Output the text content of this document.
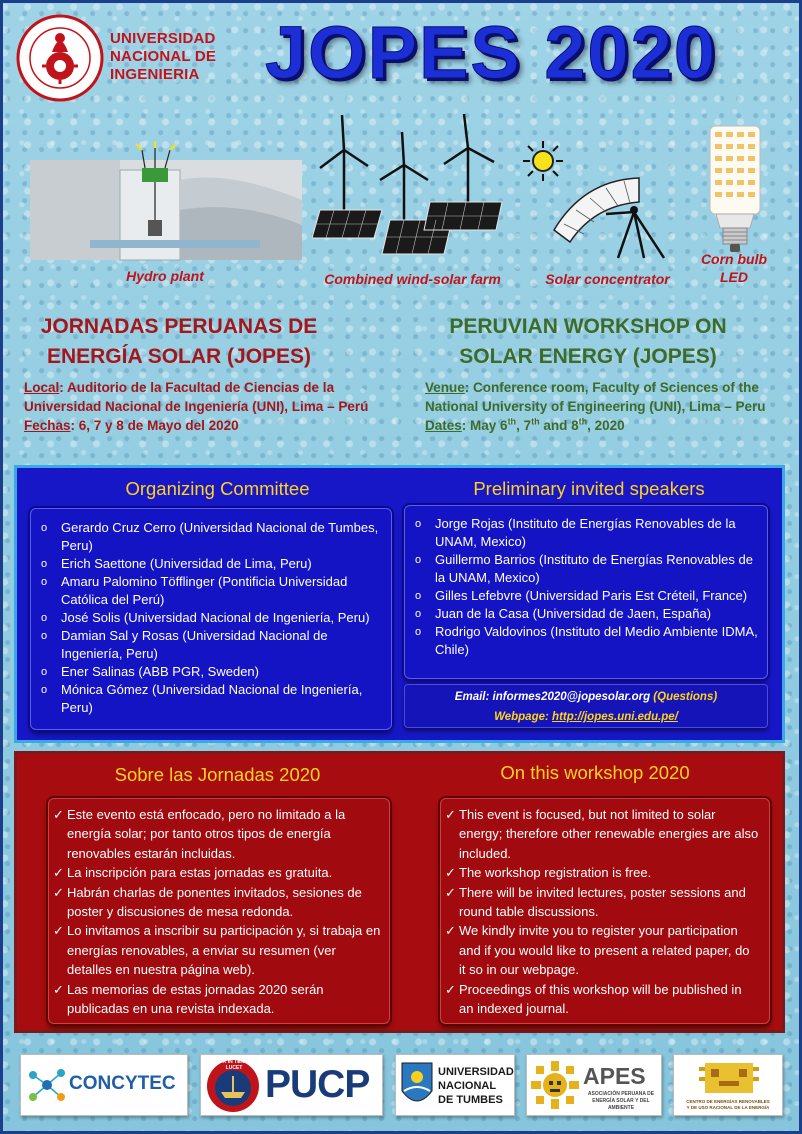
UNIVERSIDAD
NACIONAL DE
INGENIERIA JOPES 2020
Hydro plant	Combined wind-solar farm	Solar concentrator
Corn bulb
LED
JORNADAS PERUANAS DE
ENERGÍA SOLAR (JOPES)
PERUVIAN WORKSHOP ON
SOLAR ENERGY (JOPES)
Local: Auditorio de la Facultad de Ciencias de la Universidad Nacional de Ingeniería (UNI), Lima – Perú
Fechas: 6, 7 y 8 de Mayo del 2020
Venue: Conference room, Faculty of Sciences of the National University of Engineering (UNI), Lima – Peru
Dates: May 6th, 7th and 8th, 2020
Organizing Committee	Preliminary invited speakers
o Gerardo Cruz Cerro (Universidad Nacional de Tumbes, Peru)
o Erich Saettone (Universidad de Lima, Peru)
o Amaru Palomino Töfflinger (Pontificia Universidad Católica del Perú)
o José Solis (Universidad Nacional de Ingeniería, Peru)
o Damian Sal y Rosas (Universidad Nacional de Ingeniería, Peru)
o Ener Salinas (ABB PGR, Sweden)
o Mónica Gómez (Universidad Nacional de Ingeniería, Peru)
o Jorge Rojas (Instituto de Energías Renovables de la UNAM, Mexico)
o Guillermo Barrios (Instituto de Energías Renovables de la UNAM, Mexico)
o Gilles Lefebvre (Universidad Paris Est Créteil, France)
o Juan de la Casa (Universidad de Jaen, España)
o Rodrigo Valdovinos (Instituto del Medio Ambiente IDMA, Chile)
Email: informes2020@jopesolar.org (Questions)
Webpage: http://jopes.uni.edu.pe/
Sobre las Jornadas 2020	On this workshop 2020
✓ Este evento está enfocado, pero no limitado a la energía solar; por tanto otros tipos de energía renovables estarán incluidas.
✓ La inscripción para estas jornadas es gratuita.
✓ Habrán charlas de ponentes invitados, sesiones de poster y discusiones de mesa redonda.
✓ Lo invitamos a inscribir su participación y, si trabaja en energías renovables, a enviar su resumen (ver detalles en nuestra página web).
✓ Las memorias de estas jornadas 2020 serán publicadas en una revista indexada.
✓ This event is focused, but not limited to solar energy; therefore other renewable energies are also included.
✓ The workshop registration is free.
✓ There will be invited lectures, poster sessions and round table discussions.
✓ We kindly invite you to register your participation and if you would like to present a related paper, do it so in our webpage.
✓ Proceedings of this workshop will be published in an indexed journal.
CONCYTEC
ET LUX IN TENEBRIS LUCET PUCP	UNIVERSIDAD
NACIONAL
DE TUMBES
APES
ASOCIACIÓN PERUANA DE
ENERGÍA SOLAR Y DEL AMBIENTE
CENTRO DE ENERGÍAS RENOVABLES
Y DE USO RACIONAL DE LA ENERGÍA
